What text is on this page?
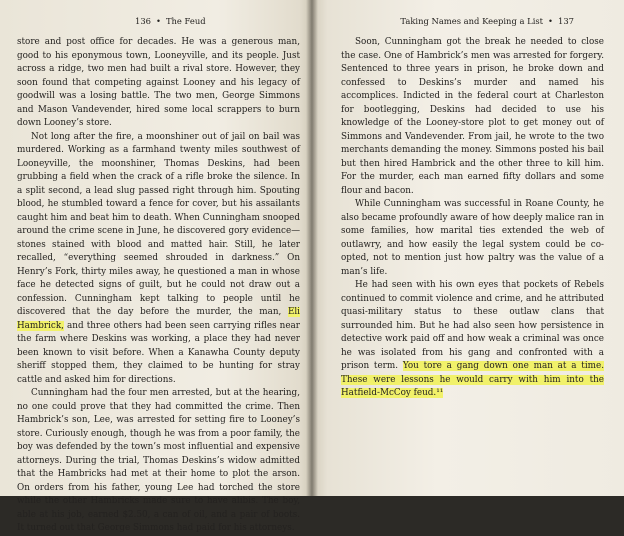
136 • The Feud

store and post office for decades. He was a generous man, good to his eponymous town, Looneyville, and its people. Just across a ridge, two men had built a rival store. However, they soon found that competing against Looney and his legacy of goodwill was a losing battle. The two men, George Simmons and Mason Vandevender, hired some local scrappers to burn down Looney’s store.

Not long after the fire, a moonshiner out of jail on bail was murdered. Working as a farmhand twenty miles southwest of Looneyville, the moonshiner, Thomas Deskins, had been grubbing a field when the crack of a rifle broke the silence. In a split second, a lead slug passed right through him. Spouting blood, he stumbled toward a fence for cover, but his assailants caught him and beat him to death. When Cunningham snooped around the crime scene in June, he discovered gory evidence—stones stained with blood and matted hair. Still, he later recalled, “everything seemed shrouded in darkness.” On Henry’s Fork, thirty miles away, he questioned a man in whose face he detected signs of guilt, but he could not draw out a confession. Cunningham kept talking to people until he discovered that the day before the murder, the man, Eli Hambrick, and three others had been seen carrying rifles near the farm where Deskins was working, a place they had never been known to visit before. When a Kanawha County deputy sheriff stopped them, they claimed to be hunting for stray cattle and asked him for directions.

Cunningham had the four men arrested, but at the hearing, no one could prove that they had committed the crime. Then Hambrick’s son, Lee, was arrested for setting fire to Looney’s store. Curiously enough, though he was from a poor family, the boy was defended by the town’s most influential and expensive attorneys. During the trial, Thomas Deskins’s widow admitted that the Hambricks had met at their home to plot the arson. On orders from his father, young Lee had torched the store while the other Hambricks made sure to have alibis. The boy, able at his job, earned $2.50, a can of oil, and a pair of boots. It turned out that George Simmons had paid for his attorneys.

Taking Names and Keeping a List • 137

Soon, Cunningham got the break he needed to close the case. One of Hambrick’s men was arrested for forgery. Sentenced to three years in prison, he broke down and confessed to Deskins’s murder and named his accomplices. Indicted in the federal court at Charleston for bootlegging, Deskins had decided to use his knowledge of the Looney-store plot to get money out of Simmons and Vandevender. From jail, he wrote to the two merchants demanding the money. Simmons posted his bail but then hired Hambrick and the other three to kill him. For the murder, each man earned fifty dollars and some flour and bacon.

While Cunningham was successful in Roane County, he also became profoundly aware of how deeply malice ran in some families, how marital ties extended the web of outlawry, and how easily the legal system could be co-opted, not to mention just how paltry was the value of a man’s life.

He had seen with his own eyes that pockets of Rebels continued to commit violence and crime, and he attributed quasi-military status to these outlaw clans that surrounded him. But he had also seen how persistence in detective work paid off and how weak a criminal was once he was isolated from his gang and confronted with a prison term. You tore a gang down one man at a time. These were lessons he would carry with him into the Hatfield-McCoy feud.¹¹
